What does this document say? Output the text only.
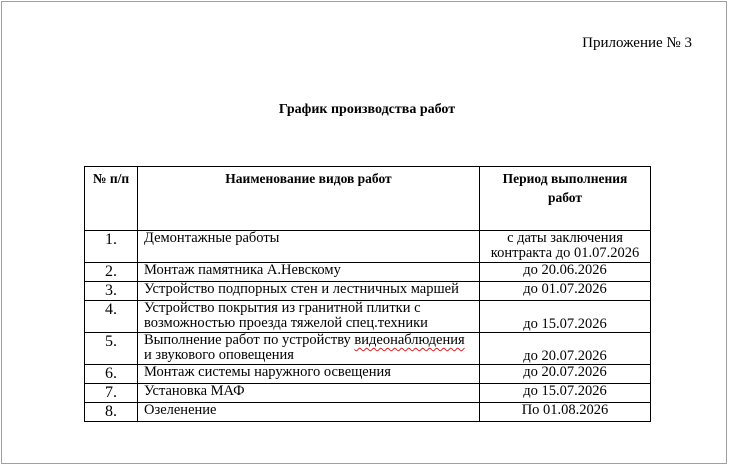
Приложение № 3
График производства работ
№ п/п	Наименование видов работ	Период выполнения работ
1.	Демонтажные работы	с даты заключения контракта до 01.07.2026
2.	Монтаж памятника А.Невскому	до 20.06.2026
3.	Устройство подпорных стен и лестничных маршей	до 01.07.2026
4.	Устройство покрытия из гранитной плитки с возможностью проезда тяжелой спец.техники	до 15.07.2026
5.	Выполнение работ по устройству видеонаблюдения и звукового оповещения	до 20.07.2026
6.	Монтаж системы наружного освещения	до 20.07.2026
7.	Установка МАФ	до 15.07.2026
8.	Озеленение	По 01.08.2026
